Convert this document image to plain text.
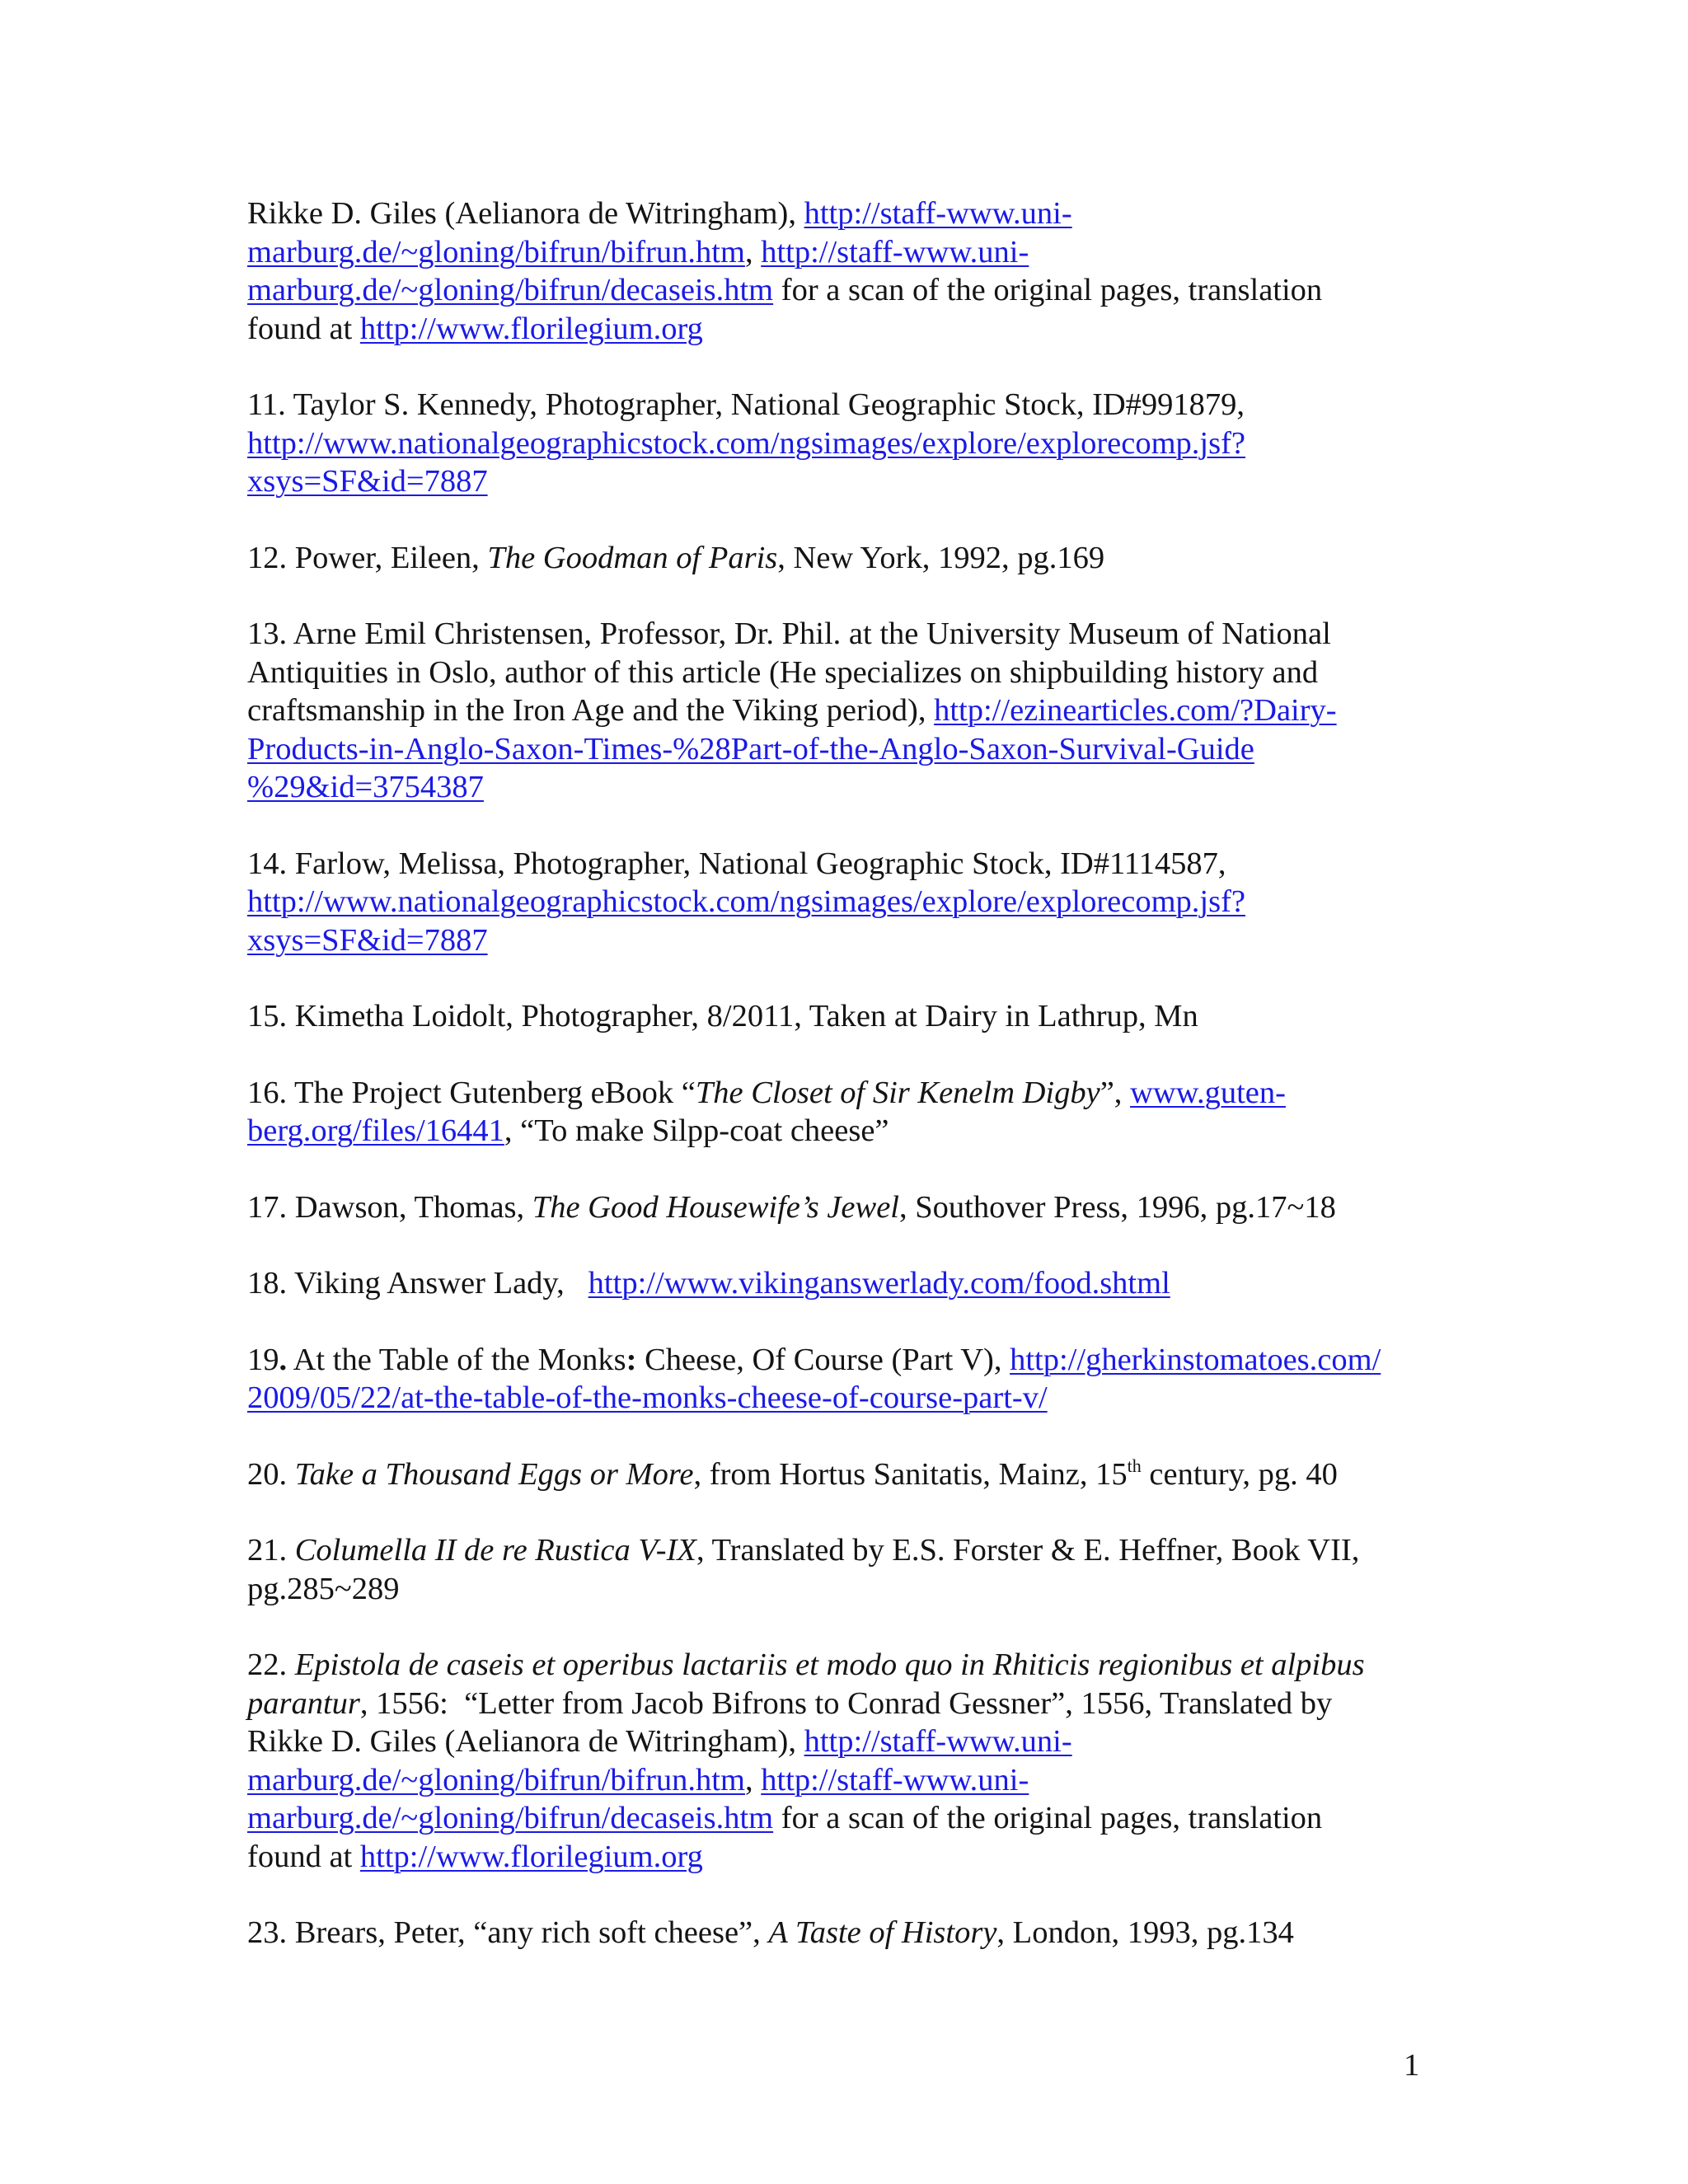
Rikke D. Giles (Aelianora de Witringham), http://staff-www.uni-
marburg.de/~gloning/bifrun/bifrun.htm, http://staff-www.uni-
marburg.de/~gloning/bifrun/decaseis.htm for a scan of the original pages, translation
found at http://www.florilegium.org
11. Taylor S. Kennedy, Photographer, National Geographic Stock, ID#991879,
http://www.nationalgeographicstock.com/ngsimages/explore/explorecomp.jsf?
xsys=SF&id=7887
12. Power, Eileen, The Goodman of Paris, New York, 1992, pg.169
13. Arne Emil Christensen, Professor, Dr. Phil. at the University Museum of National
Antiquities in Oslo, author of this article (He specializes on shipbuilding history and
craftsmanship in the Iron Age and the Viking period), http://ezinearticles.com/?Dairy-
Products-in-Anglo-Saxon-Times-%28Part-of-the-Anglo-Saxon-Survival-Guide
%29&id=3754387
14. Farlow, Melissa, Photographer, National Geographic Stock, ID#1114587,
http://www.nationalgeographicstock.com/ngsimages/explore/explorecomp.jsf?
xsys=SF&id=7887
15. Kimetha Loidolt, Photographer, 8/2011, Taken at Dairy in Lathrup, Mn
16. The Project Gutenberg eBook “The Closet of Sir Kenelm Digby”, www.guten-
berg.org/files/16441, “To make Silpp-coat cheese”
17. Dawson, Thomas, The Good Housewife’s Jewel, Southover Press, 1996, pg.17~18
18. Viking Answer Lady,   http://www.vikinganswerlady.com/food.shtml
19. At the Table of the Monks: Cheese, Of Course (Part V), http://gherkinstomatoes.com/
2009/05/22/at-the-table-of-the-monks-cheese-of-course-part-v/
20. Take a Thousand Eggs or More, from Hortus Sanitatis, Mainz, 15th century, pg. 40
21. Columella II de re Rustica V-IX, Translated by E.S. Forster & E. Heffner, Book VII,
pg.285~289
22. Epistola de caseis et operibus lactariis et modo quo in Rhiticis regionibus et alpibus
parantur, 1556:  “Letter from Jacob Bifrons to Conrad Gessner”, 1556, Translated by
Rikke D. Giles (Aelianora de Witringham), http://staff-www.uni-
marburg.de/~gloning/bifrun/bifrun.htm, http://staff-www.uni-
marburg.de/~gloning/bifrun/decaseis.htm for a scan of the original pages, translation
found at http://www.florilegium.org
23. Brears, Peter, “any rich soft cheese”, A Taste of History, London, 1993, pg.134
1
